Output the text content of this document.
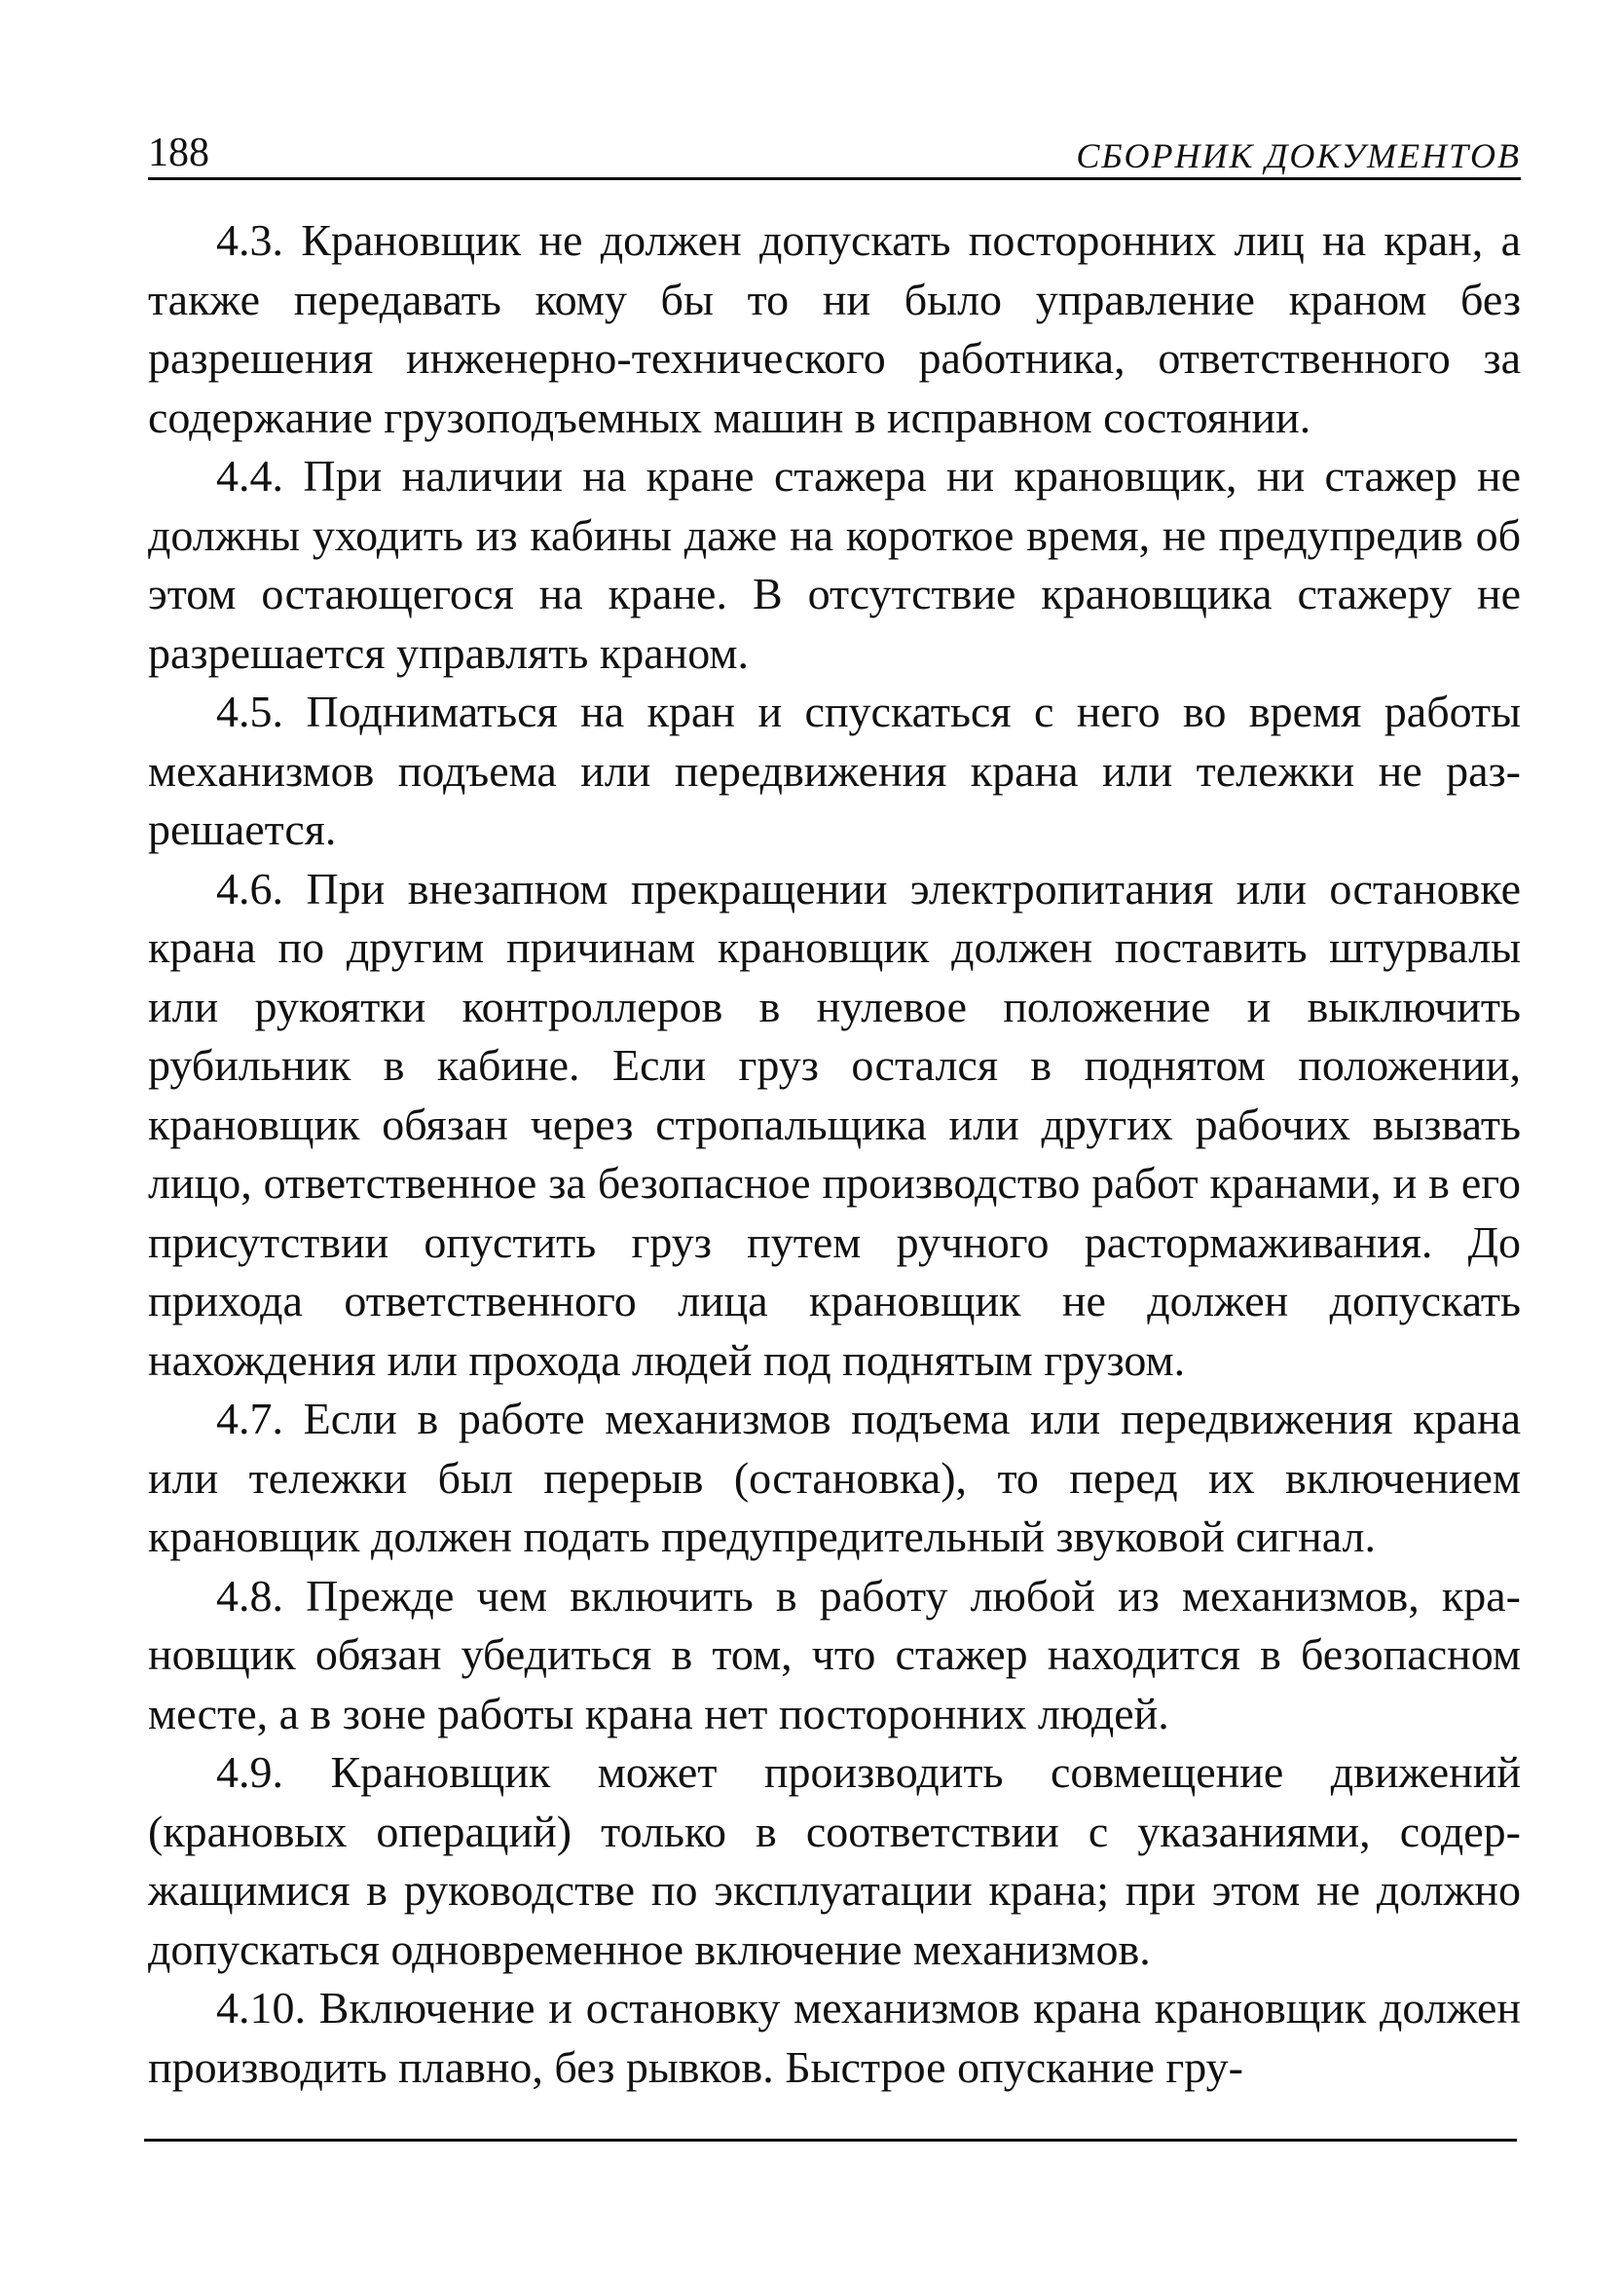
188	СБОРНИК ДОКУМЕНТОВ

4.3. Крановщик не должен допускать посторонних лиц на кран, а также передавать кому бы то ни было управление краном без разрешения инженерно-технического работника, ответственного за содержание грузоподъемных машин в исправном состоянии.

4.4. При наличии на кране стажера ни крановщик, ни стажер не должны уходить из кабины даже на короткое время, не предупредив об этом остающегося на кране. В отсутствие крановщика стажеру не разрешается управлять краном.

4.5. Подниматься на кран и спускаться с него во время работы механизмов подъема или передвижения крана или тележки не разрешается.

4.6. При внезапном прекращении электропитания или остановке крана по другим причинам крановщик должен поставить штурвалы или рукоятки контроллеров в нулевое положение и выключить рубильник в кабине. Если груз остался в поднятом положении, крановщик обязан через стропальщика или других рабочих вызвать лицо, ответственное за безопасное производство работ кранами, и в его присутствии опустить груз путем ручного растормаживания. До прихода ответственного лица крановщик не должен допускать нахождения или прохода людей под поднятым грузом.

4.7. Если в работе механизмов подъема или передвижения крана или тележки был перерыв (остановка), то перед их включением крановщик должен подать предупредительный звуковой сигнал.

4.8. Прежде чем включить в работу любой из механизмов, крановщик обязан убедиться в том, что стажер находится в безопасном месте, а в зоне работы крана нет посторонних людей.

4.9. Крановщик может производить совмещение движений (крановых операций) только в соответствии с указаниями, содержащимися в руководстве по эксплуатации крана; при этом не должно допускаться одновременное включение механизмов.

4.10. Включение и остановку механизмов крана крановщик должен производить плавно, без рывков. Быстрое опускание гру-
